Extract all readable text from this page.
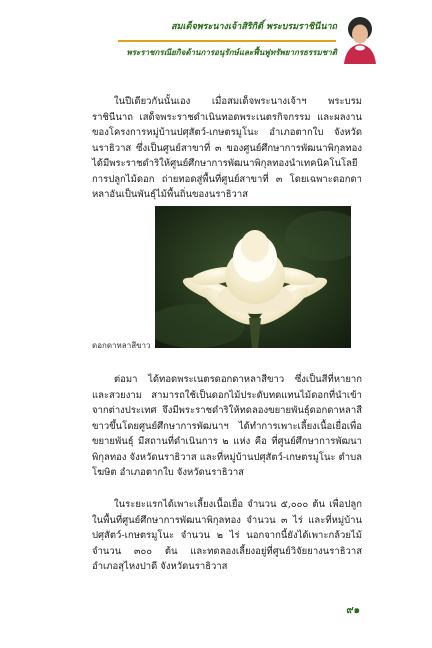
สมเด็จพระนางเจ้าสิริกิติ์ พระบรมราชินีนาถ
พระราชกรณียกิจด้านการอนุรักษ์และฟื้นฟูทรัพยากรธรรมชาติ

ในปีเดียวกันนั้นเอง เมื่อสมเด็จพระนางเจ้าฯ พระบรมราชินีนาถ เสด็จพระราชดำเนินทอดพระเนตรกิจกรรม และผลงานของโครงการหมู่บ้านปศุสัตว์-เกษตรมูโนะ อำเภอตากใบ จังหวัดนราธิวาส ซึ่งเป็นศูนย์สาขาที่ ๓ ของศูนย์ศึกษาการพัฒนาพิกุลทอง ได้มีพระราชดำริให้ศูนย์ศึกษาการพัฒนาพิกุลทองนำเทคนิคโนโลยีการปลูกไม้ดอก ถ่ายทอดสู่พื้นที่ศูนย์สาขาที่ ๓ โดยเฉพาะดอกดาหลาอันเป็นพันธุ์ไม้พื้นถิ่นของนราธิวาส

ดอกดาหลาสีขาว

ต่อมา ได้ทอดพระเนตรดอกดาหลาสีขาว ซึ่งเป็นสีที่หายากและสวยงาม สามารถใช้เป็นดอกไม้ประดับทดแทนไม้ดอกที่นำเข้าจากต่างประเทศ จึงมีพระราชดำริให้ทดลองขยายพันธุ์ดอกดาหลาสีขาวขึ้นโดยศูนย์ศึกษาการพัฒนาฯ ได้ทำการเพาะเลี้ยงเนื้อเยื่อเพื่อขยายพันธุ์ มีสถานที่ดำเนินการ ๒ แห่ง คือ ที่ศูนย์ศึกษาการพัฒนาพิกุลทอง จังหวัดนราธิวาส และที่หมู่บ้านปศุสัตว์-เกษตรมูโนะ ตำบลโฆษิต อำเภอตากใบ จังหวัดนราธิวาส

ในระยะแรกได้เพาะเลี้ยงเนื้อเยื่อ จำนวน ๕,๐๐๐ ต้น เพื่อปลูกในพื้นที่ศูนย์ศึกษาการพัฒนาพิกุลทอง จำนวน ๓ ไร่ และที่หมู่บ้านปศุสัตว์-เกษตรมูโนะ จำนวน ๒ ไร่ นอกจากนี้ยังได้เพาะกล้วยไม้ จำนวน ๓๐๐ ต้น และทดลองเลี้ยงอยู่ที่ศูนย์วิจัยยางนราธิวาส อำเภอสุไหงปาดี จังหวัดนราธิวาส

๙๑
